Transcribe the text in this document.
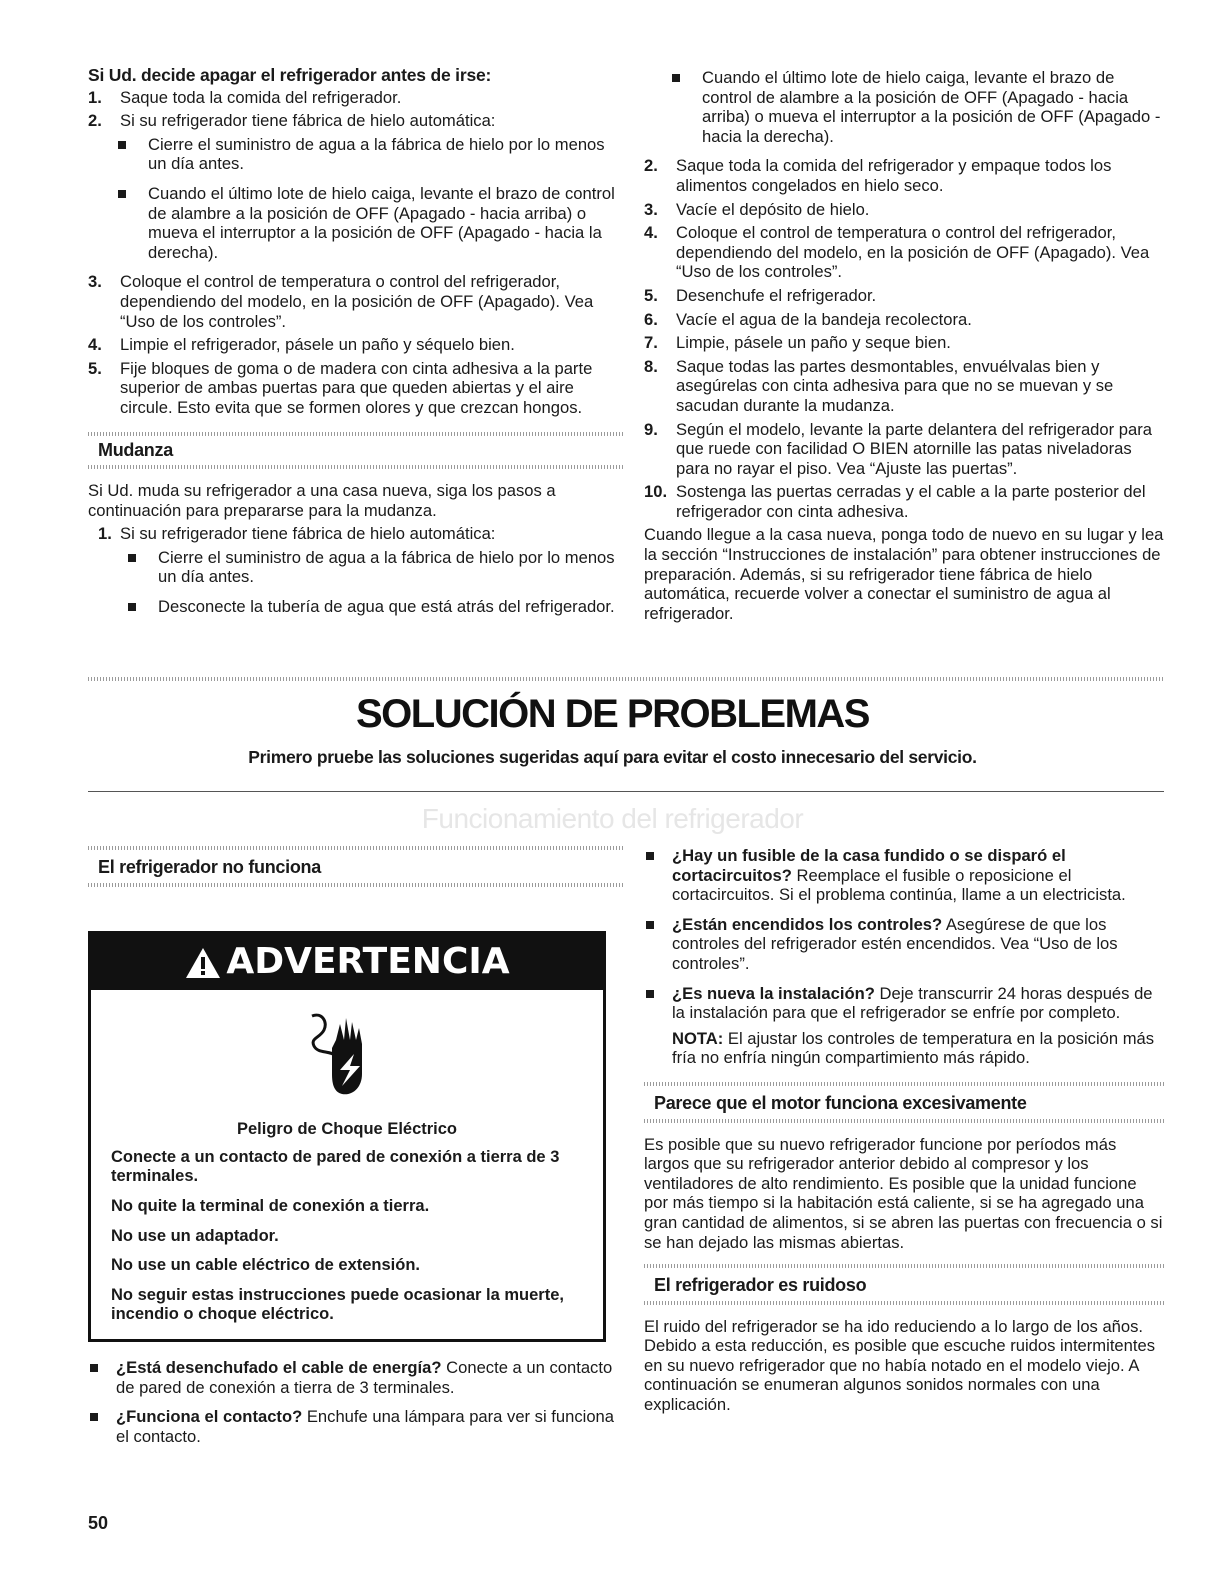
Si Ud. decide apagar el refrigerador antes de irse:
1. Saque toda la comida del refrigerador.
2. Si su refrigerador tiene fábrica de hielo automática:
Cierre el suministro de agua a la fábrica de hielo por lo menos un día antes.
Cuando el último lote de hielo caiga, levante el brazo de control de alambre a la posición de OFF (Apagado - hacia arriba) o mueva el interruptor a la posición de OFF (Apagado - hacia la derecha).
3. Coloque el control de temperatura o control del refrigerador, dependiendo del modelo, en la posición de OFF (Apagado). Vea “Uso de los controles”.
4. Limpie el refrigerador, pásele un paño y séquelo bien.
5. Fije bloques de goma o de madera con cinta adhesiva a la parte superior de ambas puertas para que queden abiertas y el aire circule. Esto evita que se formen olores y que crezcan hongos.
Mudanza

Si Ud. muda su refrigerador a una casa nueva, siga los pasos a continuación para prepararse para la mudanza.

1. Si su refrigerador tiene fábrica de hielo automática:
Cierre el suministro de agua a la fábrica de hielo por lo menos un día antes.
Desconecte la tubería de agua que está atrás del refrigerador.
Cuando el último lote de hielo caiga, levante el brazo de control de alambre a la posición de OFF (Apagado - hacia arriba) o mueva el interruptor a la posición de OFF (Apagado - hacia la derecha).
2. Saque toda la comida del refrigerador y empaque todos los alimentos congelados en hielo seco.
3. Vacíe el depósito de hielo.
4. Coloque el control de temperatura o control del refrigerador, dependiendo del modelo, en la posición de OFF (Apagado). Vea “Uso de los controles”.
5. Desenchufe el refrigerador.
6. Vacíe el agua de la bandeja recolectora.
7. Limpie, pásele un paño y seque bien.
8. Saque todas las partes desmontables, envuélvalas bien y asegúrelas con cinta adhesiva para que no se muevan y se sacudan durante la mudanza.
9. Según el modelo, levante la parte delantera del refrigerador para que ruede con facilidad O BIEN atornille las patas niveladoras para no rayar el piso. Vea “Ajuste las puertas”.
10. Sostenga las puertas cerradas y el cable a la parte posterior del refrigerador con cinta adhesiva.

Cuando llegue a la casa nueva, ponga todo de nuevo en su lugar y lea la sección “Instrucciones de instalación” para obtener instrucciones de preparación. Además, si su refrigerador tiene fábrica de hielo automática, recuerde volver a conectar el suministro de agua al refrigerador.

SOLUCIÓN DE PROBLEMAS
Primero pruebe las soluciones sugeridas aquí para evitar el costo innecesario del servicio.
Funcionamiento del refrigerador
El refrigerador no funciona
ADVERTENCIA
Peligro de Choque Eléctrico

Conecte a un contacto de pared de conexión a tierra de 3 terminales.

No quite la terminal de conexión a tierra.

No use un adaptador.

No use un cable eléctrico de extensión.

No seguir estas instrucciones puede ocasionar la muerte, incendio o choque eléctrico.

¿Está desenchufado el cable de energía? Conecte a un contacto de pared de conexión a tierra de 3 terminales.
¿Funciona el contacto? Enchufe una lámpara para ver si funciona el contacto.
¿Hay un fusible de la casa fundido o se disparó el cortacircuitos? Reemplace el fusible o reposicione el cortacircuitos. Si el problema continúa, llame a un electricista.
¿Están encendidos los controles? Asegúrese de que los controles del refrigerador estén encendidos. Vea “Uso de los controles”.
¿Es nueva la instalación? Deje transcurrir 24 horas después de la instalación para que el refrigerador se enfríe por completo.

NOTA: El ajustar los controles de temperatura en la posición más fría no enfría ningún compartimiento más rápido.

Parece que el motor funciona excesivamente

Es posible que su nuevo refrigerador funcione por períodos más largos que su refrigerador anterior debido al compresor y los ventiladores de alto rendimiento. Es posible que la unidad funcione por más tiempo si la habitación está caliente, si se ha agregado una gran cantidad de alimentos, si se abren las puertas con frecuencia o si se han dejado las mismas abiertas.

El refrigerador es ruidoso

El ruido del refrigerador se ha ido reduciendo a lo largo de los años. Debido a esta reducción, es posible que escuche ruidos intermitentes en su nuevo refrigerador que no había notado en el modelo viejo. A continuación se enumeran algunos sonidos normales con una explicación.

50
